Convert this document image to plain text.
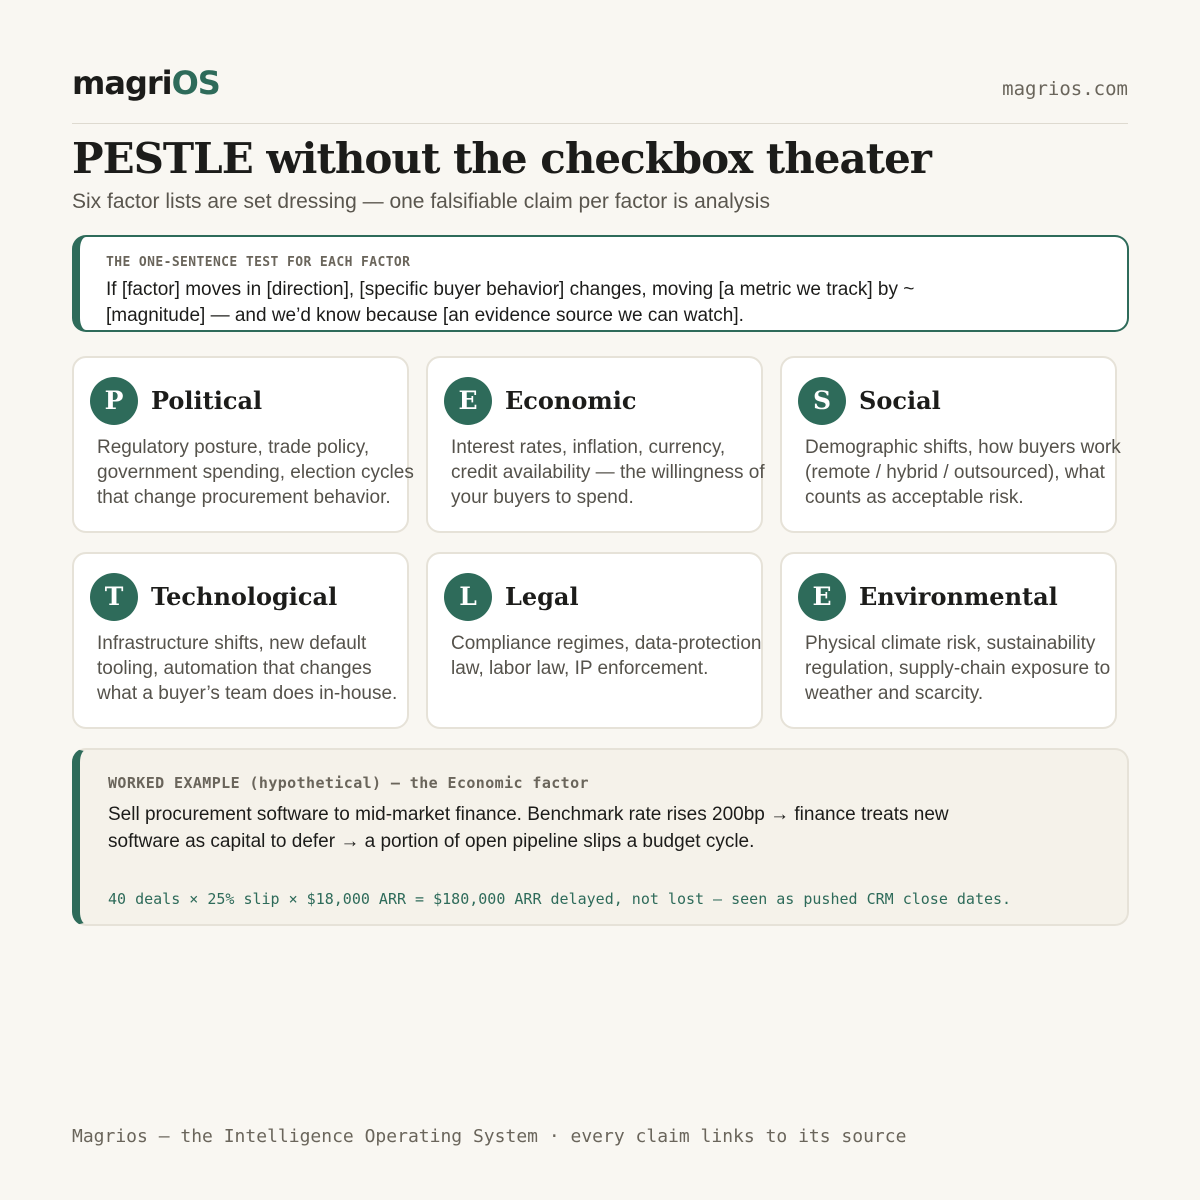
magriOS	magrios.com
PESTLE without the checkbox theater
Six factor lists are set dressing — one falsifiable claim per factor is analysis
THE ONE-SENTENCE TEST FOR EACH FACTOR
If [factor] moves in [direction], [specific buyer behavior] changes, moving [a metric we track] by ~[magnitude] — and we’d know because [an evidence source we can watch].
P	Political
Regulatory posture, trade policy, government spending, election cycles that change procurement behavior.
E	Economic
Interest rates, inflation, currency, credit availability — the willingness of your buyers to spend.
S	Social
Demographic shifts, how buyers work (remote / hybrid / outsourced), what counts as acceptable risk.
T	Technological
Infrastructure shifts, new default tooling, automation that changes what a buyer’s team does in-house.
L	Legal
Compliance regimes, data-protection law, labor law, IP enforcement.
E	Environmental
Physical climate risk, sustainability regulation, supply-chain exposure to weather and scarcity.
WORKED EXAMPLE (hypothetical) — the Economic factor
Sell procurement software to mid-market finance. Benchmark rate rises 200bp → finance treats new software as capital to defer → a portion of open pipeline slips a budget cycle.
40 deals × 25% slip × $18,000 ARR = $180,000 ARR delayed, not lost — seen as pushed CRM close dates.
Magrios — the Intelligence Operating System · every claim links to its source
